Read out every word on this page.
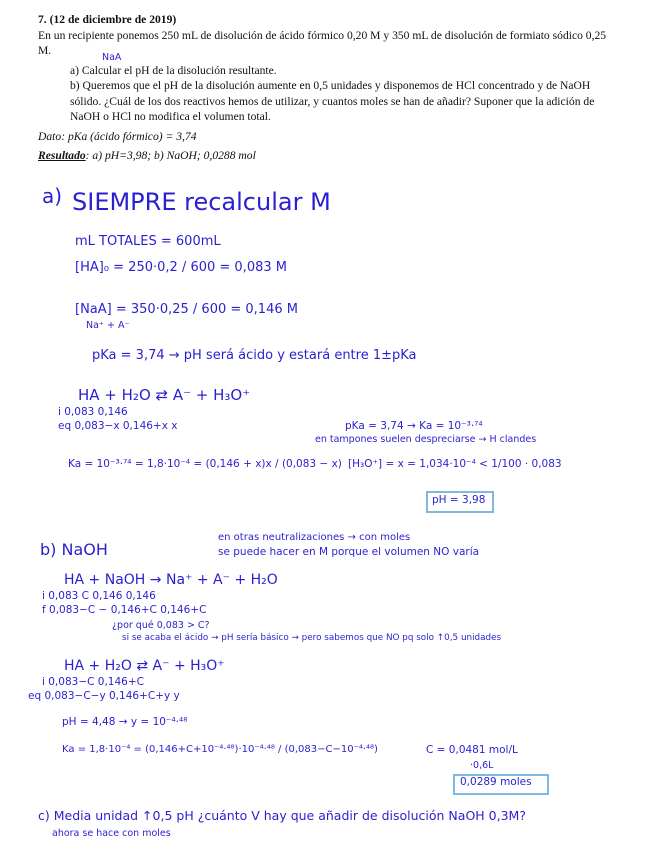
7. (12 de diciembre de 2019)

En un recipiente ponemos 250 mL de disolución de ácido fórmico 0,20 M y 350 mL de disolución de formiato sódico 0,25 M.

a) Calcular el pH de la disolución resultante.

b) Queremos que el pH de la disolución aumente en 0,5 unidades y disponemos de HCl concentrado y de NaOH sólido. ¿Cuál de los dos reactivos hemos de utilizar, y cuantos moles se han de añadir? Suponer que la adición de NaOH o HCl no modifica el volumen total.

Dato: pKa (ácido fórmico) = 3,74

Resultado: a) pH=3,98; b) NaOH; 0,0288 mol

NaA
a) SIEMPRE recalcular M
mL TOTALES = 600mL
[HA]₀ = 250·0,2 / 600 = 0,083 M
[NaA] = 350·0,25 / 600 = 0,146 M
Na⁺ + A⁻
pKa = 3,74 → pH será ácido y estará entre 1±pKa
HA + H₂O ⇄ A⁻ + H₃O⁺
i 0,083 0,146
eq 0,083−x 0,146+x x	pKa = 3,74 → Ka = 10⁻³·⁷⁴
en tampones suelen despreciarse → H clandes
Ka = 10⁻³·⁷⁴ = 1,8·10⁻⁴ = (0,146 + x)x / (0,083 − x) [H₃O⁺] = x = 1,034·10⁻⁴ < 1/100 · 0,083
pH = 3,98
en otras neutralizaciones → con moles
se puede hacer en M porque el volumen NO varía
b) NaOH
HA + NaOH → Na⁺ + A⁻ + H₂O
i 0,083 C 0,146 0,146
f 0,083−C − 0,146+C 0,146+C
¿por qué 0,083 > C?
si se acaba el ácido → pH sería básico → pero sabemos que NO pq solo ↑0,5 unidades
HA + H₂O ⇄ A⁻ + H₃O⁺
i 0,083−C 0,146+C
eq 0,083−C−y 0,146+C+y y
pH = 4,48 → y = 10⁻⁴·⁴⁸
Ka = 1,8·10⁻⁴ = (0,146+C+10⁻⁴·⁴⁸)·10⁻⁴·⁴⁸ / (0,083−C−10⁻⁴·⁴⁸)	C = 0,0481 mol/L
·0,6L
0,0289 moles
c) Media unidad ↑0,5 pH ¿cuánto V hay que añadir de disolución NaOH 0,3M?
ahora se hace con moles
